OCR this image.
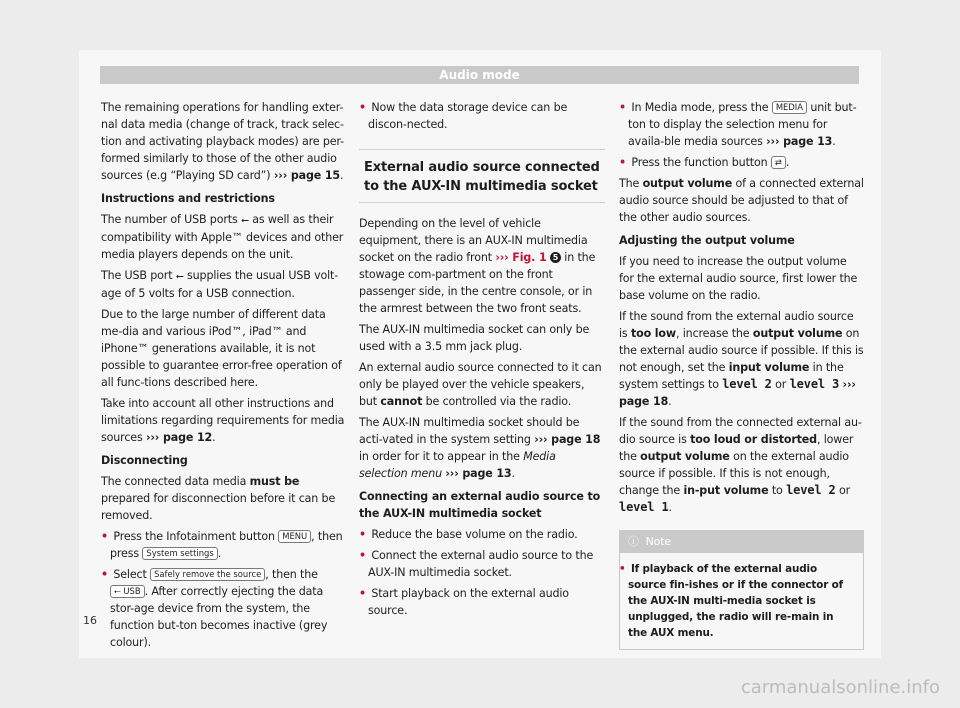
Audio mode

The remaining operations for handling exter-nal data media (change of track, track selec-tion and activating playback modes) are per-formed similarly to those of the other audio sources (e.g “Playing SD card”) ››› page 15.

Instructions and restrictions

The number of USB ports ⭠ as well as their compatibility with Apple™ devices and other media players depends on the unit.

The USB port ⭠ supplies the usual USB volt-age of 5 volts for a USB connection.

Due to the large number of different data me-dia and various iPod™, iPad™ and iPhone™ generations available, it is not possible to guarantee error-free operation of all func-tions described here.

Take into account all other instructions and limitations regarding requirements for media sources ››› page 12.

Disconnecting

The connected data media must be prepared for disconnection before it can be removed.

• Press the Infotainment button MENU , then press System settings .

• Select Safely remove the source , then the ⭠ USB . After correctly ejecting the data stor-age device from the system, the function but-ton becomes inactive (grey colour).

• Now the data storage device can be discon-nected.

External audio source connected to the AUX-IN multimedia socket

Depending on the level of vehicle equipment, there is an AUX-IN multimedia socket on the radio front ››› Fig. 1 5 in the stowage com-partment on the front passenger side, in the centre console, or in the armrest between the two front seats.

The AUX-IN multimedia socket can only be used with a 3.5 mm jack plug.

An external audio source connected to it can only be played over the vehicle speakers, but cannot be controlled via the radio.

The AUX-IN multimedia socket should be acti-vated in the system setting ››› page 18 in order for it to appear in the Media selection menu ››› page 13.

Connecting an external audio source to the AUX-IN multimedia socket

• Reduce the base volume on the radio.

• Connect the external audio source to the AUX-IN multimedia socket.

• Start playback on the external audio source.

• In Media mode, press the MEDIA unit but-ton to display the selection menu for availa-ble media sources ››› page 13.

• Press the function button ⇄ .

The output volume of a connected external audio source should be adjusted to that of the other audio sources.

Adjusting the output volume

If you need to increase the output volume for the external audio source, first lower the base volume on the radio.

If the sound from the external audio source is too low, increase the output volume on the external audio source if possible. If this is not enough, set the input volume in the system settings to level 2 or level 3 ››› page 18.

If the sound from the connected external au-dio source is too loud or distorted, lower the output volume on the external audio source if possible. If this is not enough, change the in-put volume to level 2 or level 1.

ⓘ Note
• If playback of the external audio source fin-ishes or if the connector of the AUX-IN multi-media socket is unplugged, the radio will re-main in the AUX menu.
16
carmanualsonline.info
